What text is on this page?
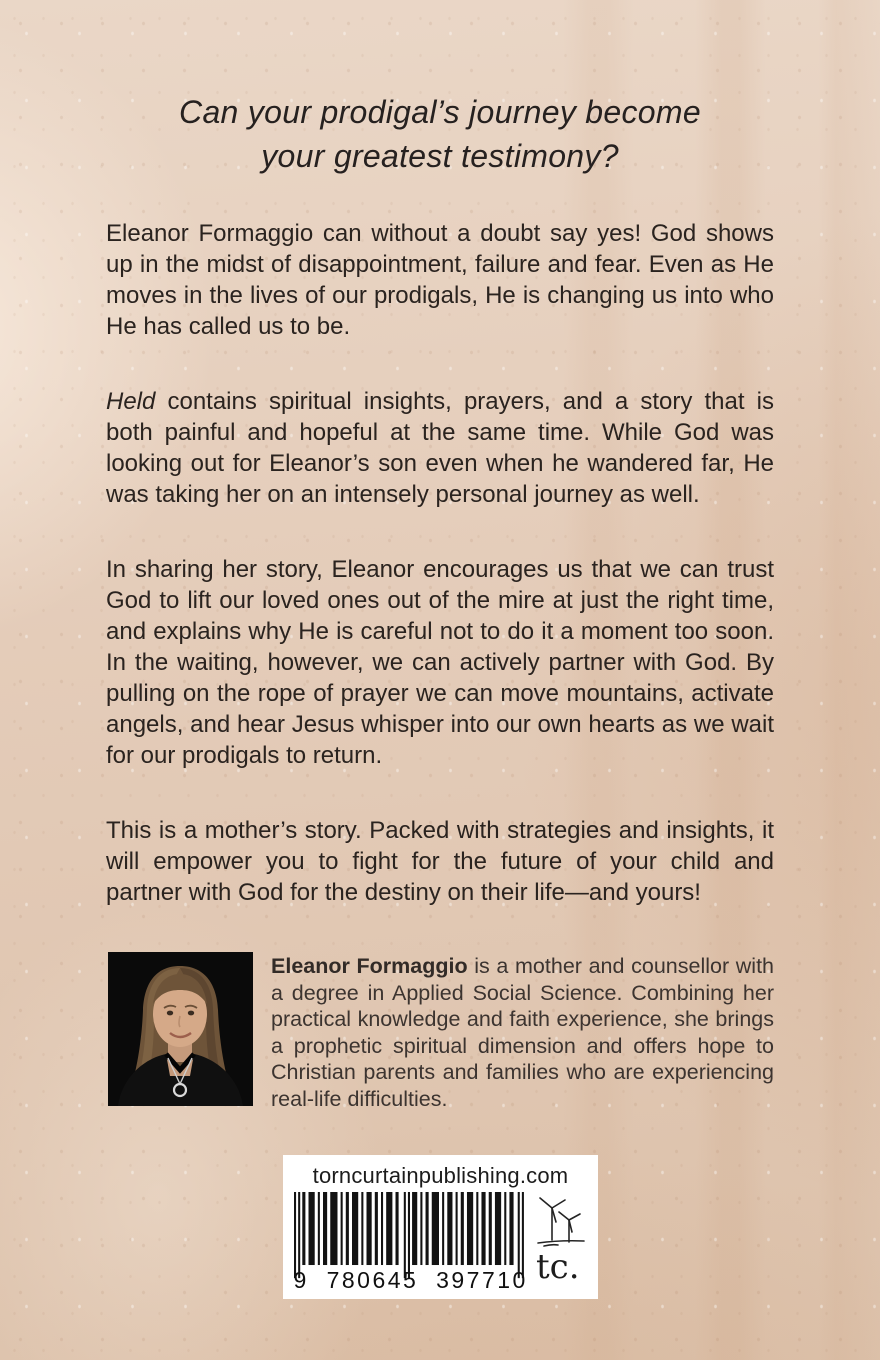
Can your prodigal’s journey become
your greatest testimony?

Eleanor Formaggio can without a doubt say yes! God shows up in the midst of disappointment, failure and fear. Even as He moves in the lives of our prodigals, He is changing us into who He has called us to be.

Held contains spiritual insights, prayers, and a story that is both painful and hopeful at the same time. While God was looking out for Eleanor’s son even when he wandered far, He was taking her on an intensely personal journey as well.

In sharing her story, Eleanor encourages us that we can trust God to lift our loved ones out of the mire at just the right time, and explains why He is careful not to do it a moment too soon. In the waiting, however, we can actively partner with God. By pulling on the rope of prayer we can move mountains, activate angels, and hear Jesus whisper into our own hearts as we wait for our prodigals to return.

This is a mother’s story. Packed with strategies and insights, it will empower you to fight for the future of your child and partner with God for the destiny on their life—and yours!

Eleanor Formaggio is a mother and counsellor with a degree in Applied Social Science. Combining her practical knowledge and faith experience, she brings a prophetic spiritual dimension and offers hope to Christian parents and families who are experiencing real-life difficulties.
torncurtainpublishing.com
9  780645  397710 tc.
